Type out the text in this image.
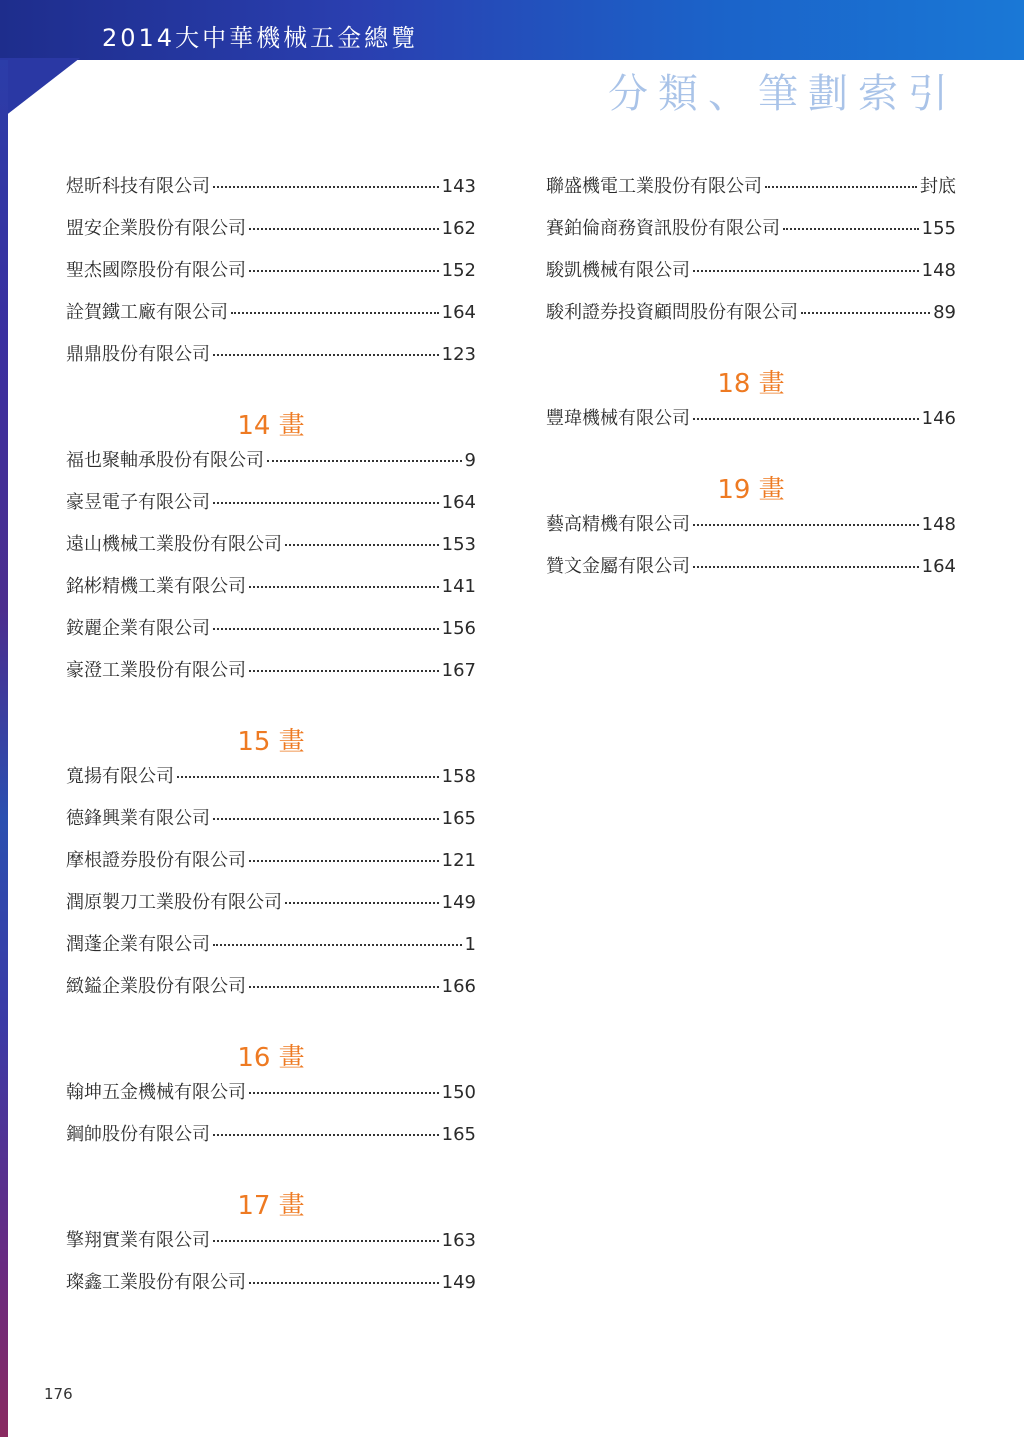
2014大中華機械五金總覽
分類、筆劃索引
煜昕科技有限公司	143
盟安企業股份有限公司	162
聖杰國際股份有限公司	152
詮賀鐵工廠有限公司	164
鼎鼎股份有限公司	123
14 畫
福也聚軸承股份有限公司	9
豪昱電子有限公司	164
遠山機械工業股份有限公司	153
銘彬精機工業有限公司	141
銨麗企業有限公司	156
豪澄工業股份有限公司	167
15 畫
寬揚有限公司	158
德鋒興業有限公司	165
摩根證券股份有限公司	121
潤原製刀工業股份有限公司	149
潤蓬企業有限公司	1
緻鎰企業股份有限公司	166
16 畫
翰坤五金機械有限公司	150
鋼帥股份有限公司	165
17 畫
擎翔實業有限公司	163
璨鑫工業股份有限公司	149
聯盛機電工業股份有限公司	封底
賽鉑倫商務資訊股份有限公司	155
駿凱機械有限公司	148
駿利證券投資顧問股份有限公司	89
18 畫
豐瑋機械有限公司	146
19 畫
藝高精機有限公司	148
贊文金屬有限公司	164
176
